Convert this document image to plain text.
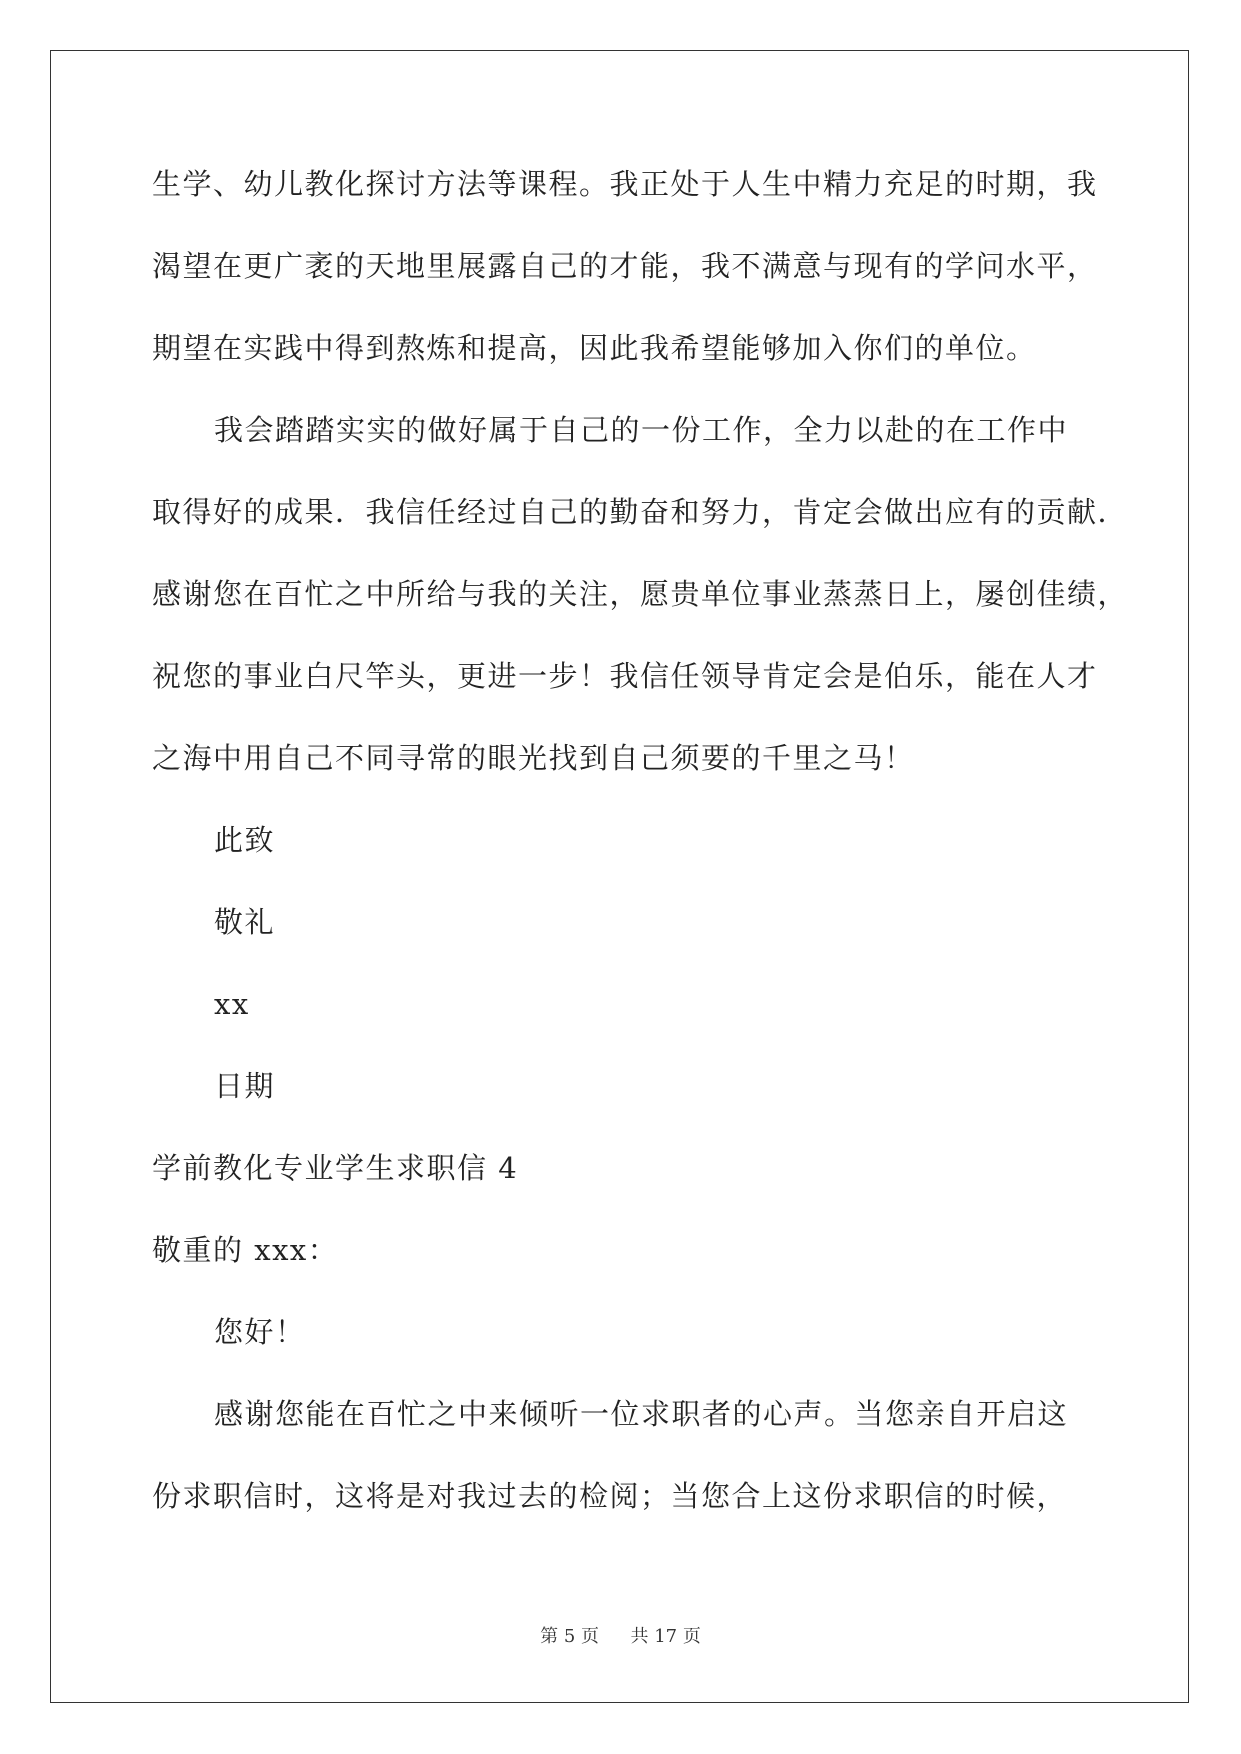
生学、幼儿教化探讨方法等课程。我正处于人生中精力充足的时期，我
渴望在更广袤的天地里展露自己的才能，我不满意与现有的学问水平，
期望在实践中得到熬炼和提高，因此我希望能够加入你们的单位。
我会踏踏实实的做好属于自己的一份工作，全力以赴的在工作中
取得好的成果．我信任经过自己的勤奋和努力，肯定会做出应有的贡献．
感谢您在百忙之中所给与我的关注，愿贵单位事业蒸蒸日上，屡创佳绩，
祝您的事业白尺竿头，更进一步！我信任领导肯定会是伯乐，能在人才
之海中用自己不同寻常的眼光找到自己须要的千里之马！
此致
敬礼
xx
日期
学前教化专业学生求职信 4
敬重的 xxx：
您好！
感谢您能在百忙之中来倾听一位求职者的心声。当您亲自开启这
份求职信时，这将是对我过去的检阅；当您合上这份求职信的时候，
第 5 页 共 17 页
